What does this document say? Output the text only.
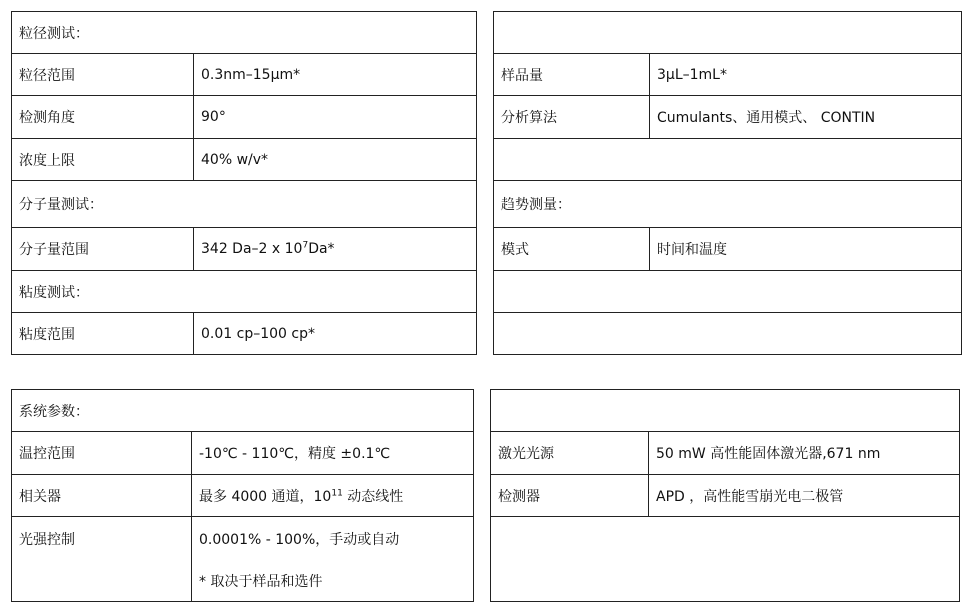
粒径测试：				
粒径范围	0.3nm–15µm*		样品量	3µL–1mL*
检测角度	90°		分析算法	Cumulants、通用模式、 CONTIN
浓度上限	40% w/v*			
分子量测试：			趋势测量：	
分子量范围	342 Da–2 x $10^7Da*$		模式	时间和温度
粘度测试：				
粘度范围	0.01 cp–100 cp*			
系统参数：				
温控范围	-10℃ - 110℃，精度 ±0.1℃		激光光源	50 mW 高性能固体激光器,671 nm
相关器	最多 4000 通道，$10^{11}$ 动态线性		检测器	APD ，高性能雪崩光电二极管

光强控制	0.0001% - 100%，手动或自动
* 取决于样品和选件			
